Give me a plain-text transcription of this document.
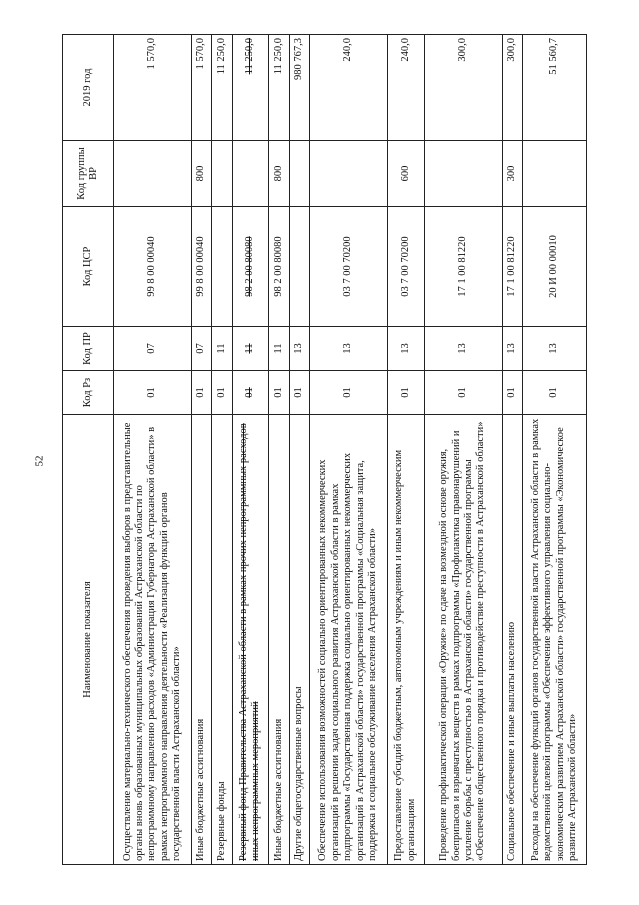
52
Наименование показателя	Код Рз	Код ПР	Код ЦСР	Код группы ВР	2019 год
Осуществление материально-технического обеспечения проведения выборов в представительные органы вновь образованных муниципальных образований Астраханской области по непрограммному направлению расходов «Администрация Губернатора Астраханской области» в рамках непрограммного направления деятельности «Реализация функций органов государственной власти Астраханской области»	01	07	99 8 00 00040		1 570,0
Иные бюджетные ассигнования	01	07	99 8 00 00040	800	1 570,0
Резервные фонды	01	11			11 250,0
Резервный фонд Правительства Астраханской области в рамках прочих непрограммных расходов иных непрограммных мероприятий	01	11	98 2 00 80080		11 250,0
Иные бюджетные ассигнования	01	11	98 2 00 80080	800	11 250,0
Другие общегосударственные вопросы	01	13			980 767,3
Обеспечение использования возможностей социально ориентированных некоммерческих организаций в решении задач социального развития Астраханской области в рамках подпрограммы «Государственная поддержка социально ориентированных некоммерческих организаций в Астраханской области» государственной программы «Социальная защита, поддержка и социальное обслуживание населения Астраханской области»	01	13	03 7 00 70200		240,0
Предоставление субсидий бюджетным, автономным учреждениям и иным некоммерческим организациям	01	13	03 7 00 70200	600	240,0
Проведение профилактической операции «Оружие» по сдаче на возмездной основе оружия, боеприпасов и взрывчатых веществ в рамках подпрограммы «Профилактика правонарушений и усиление борьбы с преступностью в Астраханской области» государственной программы «Обеспечение общественного порядка и противодействие преступности в Астраханской области»	01	13	17 1 00 81220		300,0
Социальное обеспечение и иные выплаты населению	01	13	17 1 00 81220	300	300,0
Расходы на обеспечение функций органов государственной власти Астраханской области в рамках ведомственной целевой программы «Обеспечение эффективного управления социально-экономическим развитием Астраханской области» государственной программы «Экономическое развитие Астраханской области»	01	13	20 И 00 00010		51 560,7
